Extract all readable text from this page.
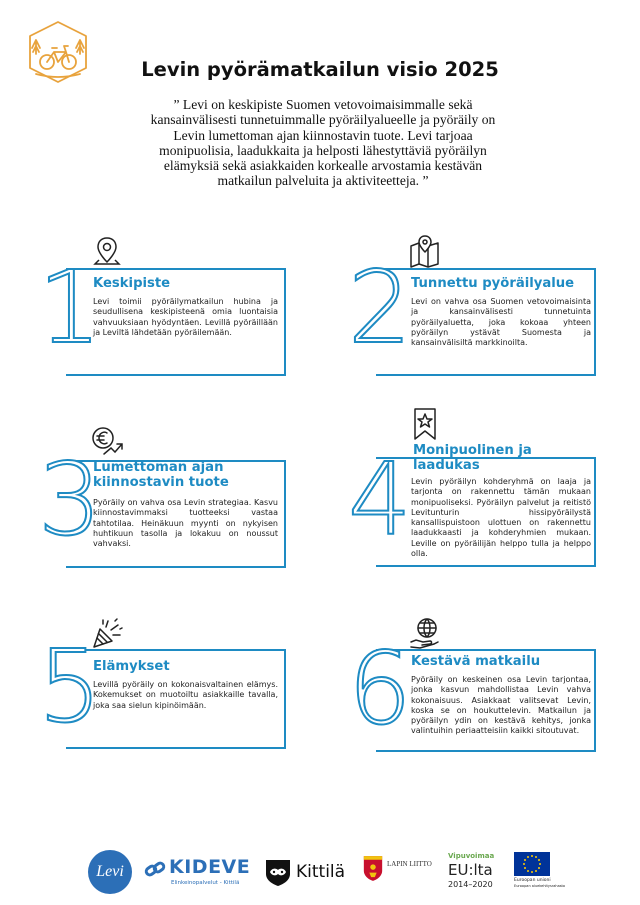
Levin pyörämatkailun visio 2025
” Levi on keskipiste Suomen vetovoimaisimmalle sekä kansainvälisesti tunnetuimmalle pyöräilyalueelle ja pyöräily on Levin lumettoman ajan kiinnostavin tuote. Levi tarjoaa monipuolisia, laadukkaita ja helposti lähestyttäviä pyöräilyn elämyksiä sekä asiakkaiden korkealle arvostamia kestävän matkailun palveluita ja aktiviteetteja. ”
1
Keskipiste
Levi toimii pyöräilymatkailun hubina ja seudullisena keskipisteenä omia luontaisia vahvuuksiaan hyödyntäen. Levillä pyöräillään ja Leviltä lähdetään pyöräilemään.	2 Tunnettu pyöräilyalue
Levi on vahva osa Suomen vetovoimaisinta ja kansainvälisesti tunnetuinta pyöräilyaluetta, joka kokoaa yhteen pyöräilyn ystävät Suomesta ja kansainvälisiltä markkinoilta.
3
Lumettoman ajan kiinnostavin tuote
Pyöräily on vahva osa Levin strategiaa. Kasvu kiinnostavimmaksi tuotteeksi vastaa tahtotilaa. Heinäkuun myynti on nykyisen huhtikuun tasolla ja lokakuu on noussut vahvaksi.	4 Monipuolinen ja laadukas
Levin pyöräilyn kohderyhmä on laaja ja tarjonta on rakennettu tämän mukaan monipuoliseksi. Pyöräilyn palvelut ja reitistö Levitunturin hissipyöräilystä kansallispuistoon ulottuen on rakennettu laadukkaasti ja kohderyhmien mukaan. Leville on pyöräilijän helppo tulla ja helppo olla.
5
Elämykset
Levillä pyöräily on kokonaisvaltainen elämys. Kokemukset on muotoiltu asiakkaille tavalla, joka saa sielun kipinöimään.	6 Kestävä matkailu
Pyöräily on keskeinen osa Levin tarjontaa, jonka kasvun mahdollistaa Levin vahva kokonaisuus. Asiakkaat valitsevat Levin, koska se on houkuttelevin. Matkailun ja pyöräilyn ydin on kestävä kehitys, jonka valintuihin periaatteisiin kaikki sitoutuvat.
Levi KIDEVE
Elinkeinopalvelut - Kittilä
Kittilä	LAPIN LIITTO
Vipuvoimaa
EU:lta
2014–2020	Euroopan unioni
Euroopan aluekehitysrahasto
